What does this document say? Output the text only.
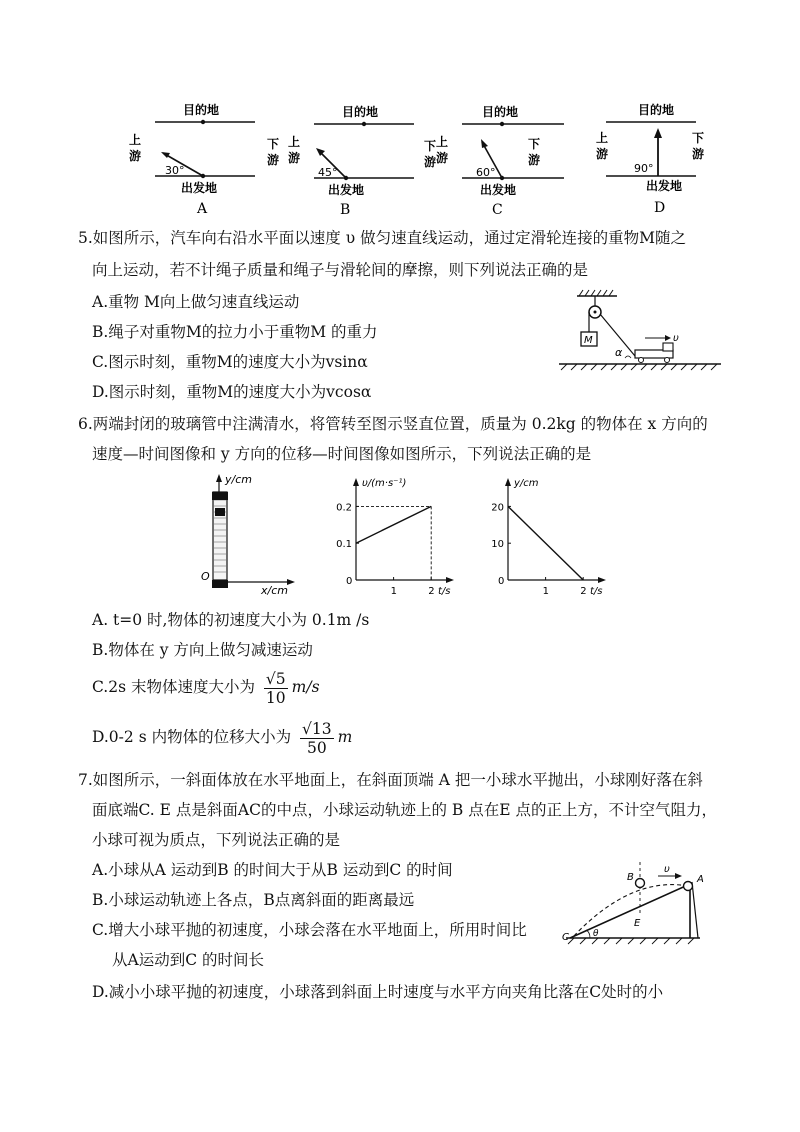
目的地
上
游
下
游
30°
出发地
A
目的地
上
游
下
游
45°
出发地
B
目的地
上
游
下
游
60°
出发地
C
目的地
上
游
下
游
90°
出发地
D
5.如图所示，汽车向右沿水平面以速度 υ 做匀速直线运动，通过定滑轮连接的重物M随之
向上运动，若不计绳子质量和绳子与滑轮间的摩擦，则下列说法正确的是
A.重物 M向上做匀速直线运动
B.绳子对重物M的拉力小于重物M 的重力
C.图示时刻，重物M的速度大小为vsinα
D.图示时刻，重物M的速度大小为vcosα
M
α
υ
6.两端封闭的玻璃管中注满清水，将管转至图示竖直位置，质量为 0.2kg 的物体在 x 方向的
速度—时间图像和 y 方向的位移—时间图像如图所示，下列说法正确的是
y/cm
x/cm
O
υ/(m·s⁻¹)
t/s
0
1	2
0.1
0.2
y/cm
t/s
0
1	2
10
20
A. t=0 时,物体的初速度大小为 0.1m /s
B.物体在 y 方向上做匀减速运动
C.2s 末物体速度大小为 $\frac{√5}{10} m/s$
D.0-2 s 内物体的位移大小为 $\frac{√13}{50}$ m
7.如图所示，一斜面体放在水平地面上，在斜面顶端 A 把一小球水平抛出，小球刚好落在斜
面底端C. E 点是斜面AC的中点，小球运动轨迹上的 B 点在E 点的正上方，不计空气阻力，
小球可视为质点，下列说法正确的是
A.小球从A 运动到B 的时间大于从B 运动到C 的时间
B.小球运动轨迹上各点，B点离斜面的距离最远
C.增大小球平抛的初速度，小球会落在水平地面上，所用时间比
从A运动到C 的时间长
D.减小小球平抛的初速度，小球落到斜面上时速度与水平方向夹角比落在C处时的小
υ
A
B
E
C	θ
